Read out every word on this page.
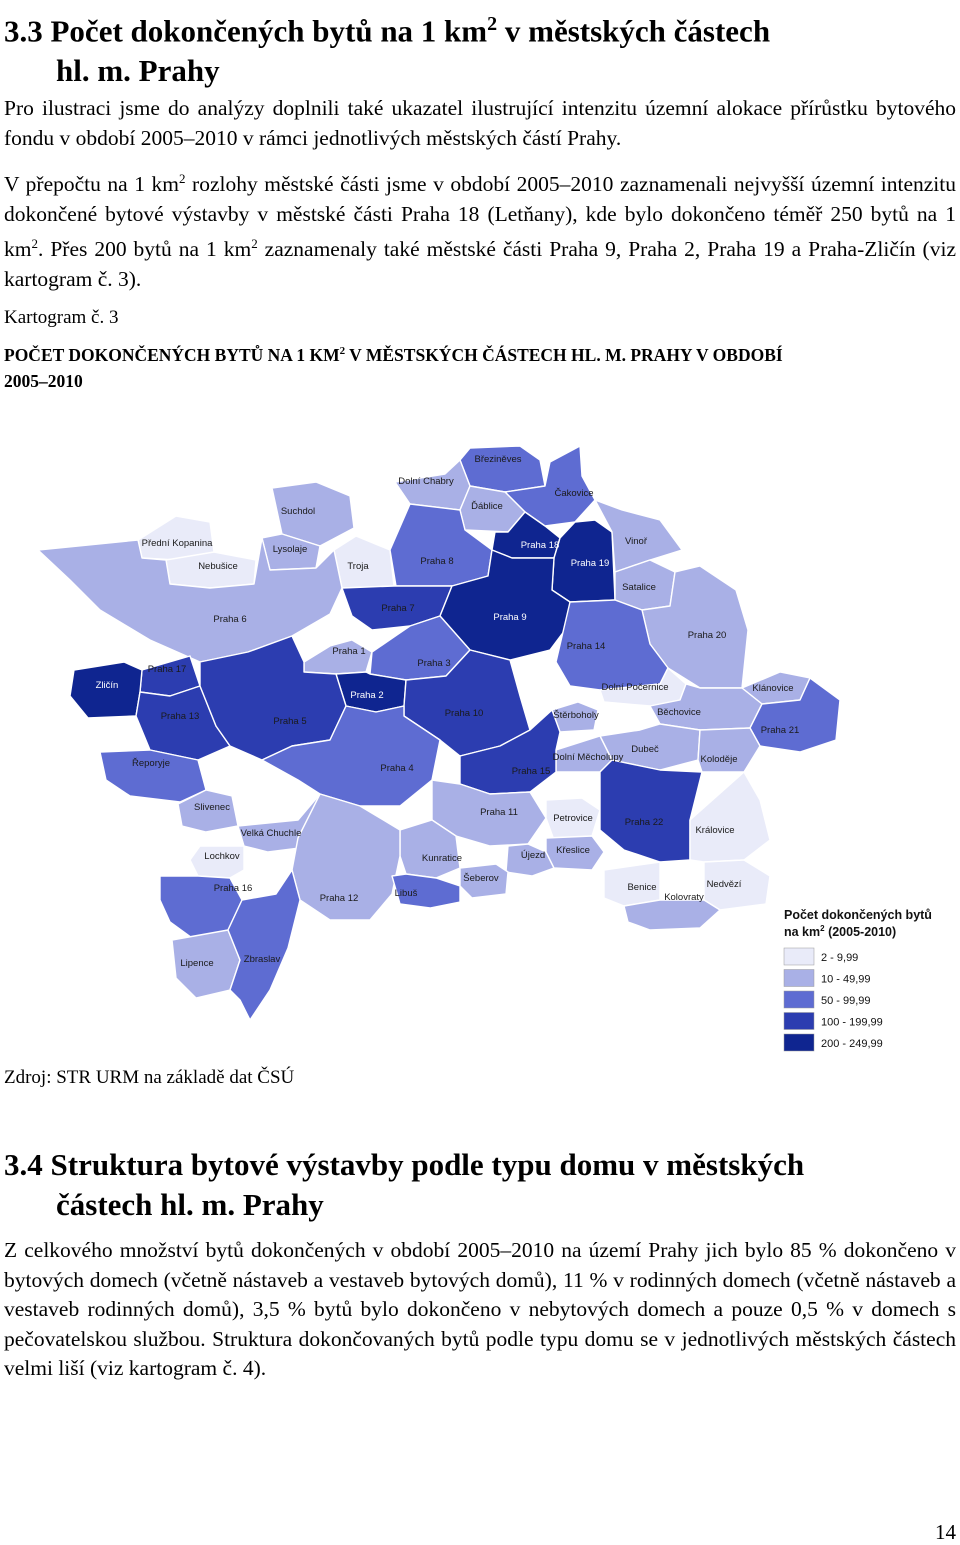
3.3 Počet dokončených bytů na 1 $km^2$ v městských částech
hl. m. Prahy

Pro ilustraci jsme do analýzy doplnili také ukazatel ilustrující intenzitu územní alokace přírůstku bytového fondu v období 2005–2010 v rámci jednotlivých městských částí Prahy.

V přepočtu na 1 $km^2$ rozlohy městské části jsme v období 2005–2010 zaznamenali nejvyšší územní intenzitu dokončené bytové výstavby v městské části Praha 18 (Letňany), kde bylo dokončeno téměř 250 bytů na 1 $km^2$. Přes 200 bytů na 1 $km^2$ zaznamenaly také městské části Praha 9, Praha 2, Praha 19 a Praha-Zličín (viz kartogram č. 3).

Kartogram č. 3

POČET DOKONČENÝCH BYTŮ NA 1 $KM^2$ V MĚSTSKÝCH ČÁSTECH HL. M. PRAHY V OBDOBÍ
2005–2010

Březiněves
Dolní Chabry
Čakovice
Suchdol	Ďáblice
Přední Kopanina
Lysolaje
Troja
Praha 18
Praha 19
Vinoř
Nebušice	Praha 8
Satalice
Praha 6
Praha 7
Praha 9
Praha 20
Praha 1
Praha 3
Praha 14
Praha 17
Zličín
Praha 2
Dolní Počernice	Klánovice
Praha 13	Praha 5
Praha 10	Štěrboholy	Běchovice
Praha 21
Dubeč
Řeporyje
Dolní Měcholupy	Koloděje
Praha 4	Praha 15
Slivenec	Praha 11
Petrovice	Praha 22
Královice
Velká Chuchle
Lochkov	Kunratice	Újezd Křeslice
Šeberov
Praha 16
Praha 12	Libuš
Benice	Nedvězí
Kolovraty
Lipence	Zbraslav
Počet dokončených bytů
na $km^2$ (2005-2010)
2 - 9,99
10 - 49,99
50 - 99,99
100 - 199,99
200 - 249,99

Zdroj: STR URM na základě dat ČSÚ

3.4 Struktura bytové výstavby podle typu domu v městských
částech hl. m. Prahy

Z celkového množství bytů dokončených v období 2005–2010 na území Prahy jich bylo 85 % dokončeno v bytových domech (včetně nástaveb a vestaveb bytových domů), 11 % v rodinných domech (včetně nástaveb a vestaveb rodinných domů), 3,5 % bytů bylo dokončeno v nebytových domech a pouze 0,5 % v domech s pečovatelskou službou. Struktura dokončovaných bytů podle typu domu se v jednotlivých městských částech velmi liší (viz kartogram č. 4).

14
